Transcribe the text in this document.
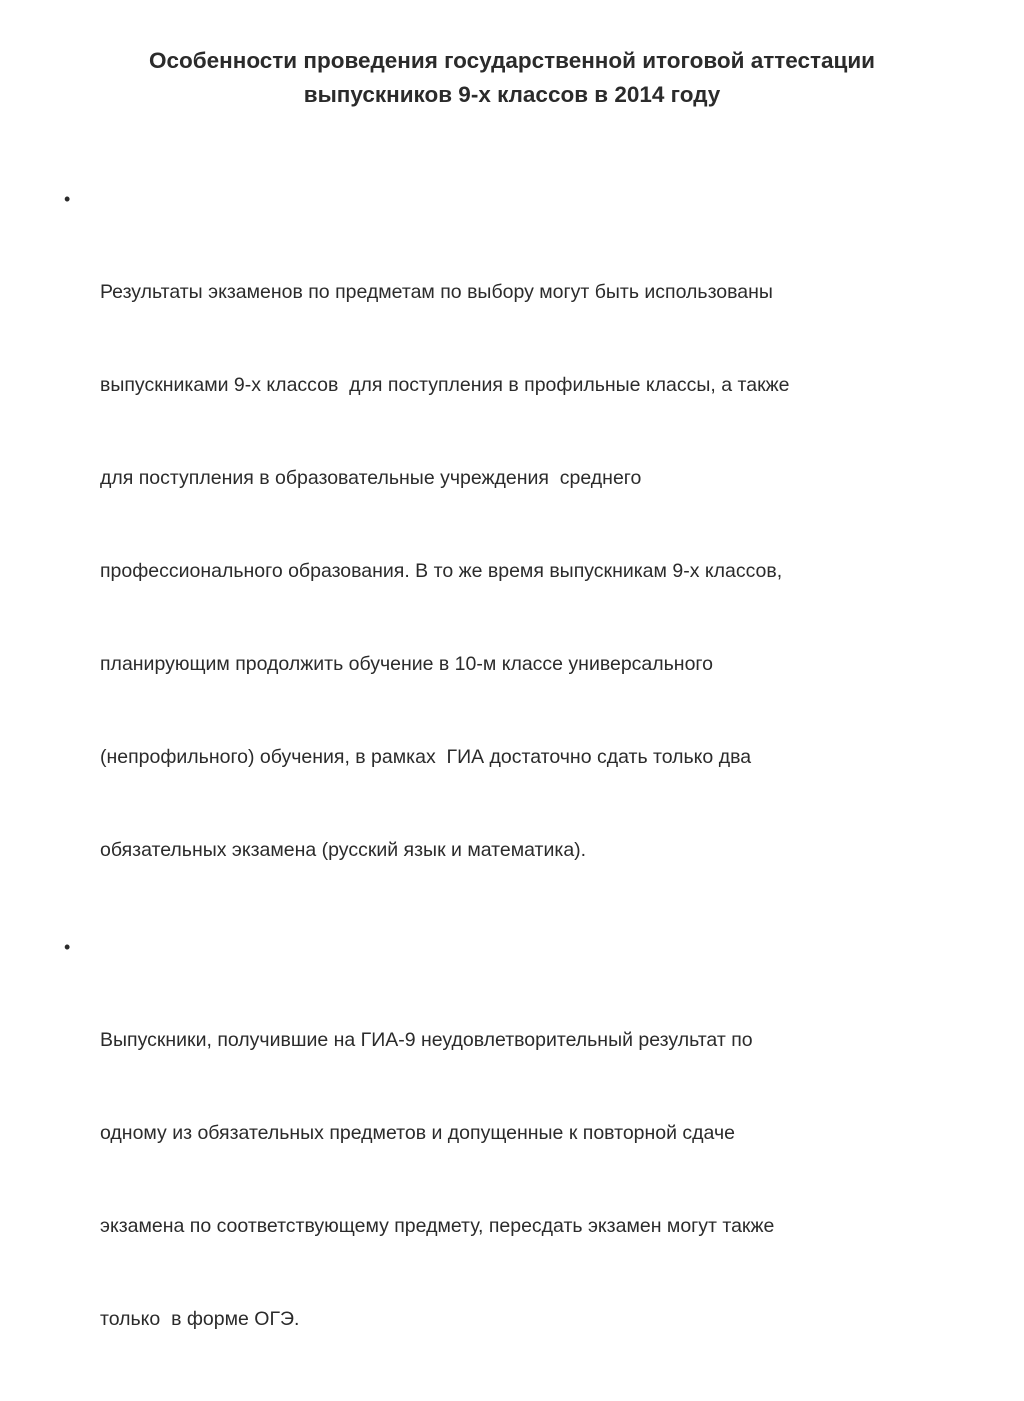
Особенности проведения государственной итоговой аттестации
выпускников 9-х классов в 2014 году

•

Результаты экзаменов по предметам по выбору могут быть использованы

выпускниками 9-х классов  для поступления в профильные классы, а также

для поступления в образовательные учреждения  среднего

профессионального образования. В то же время выпускникам 9-х классов,

планирующим продолжить обучение в 10-м классе универсального

(непрофильного) обучения, в рамках  ГИА достаточно сдать только два

обязательных экзамена (русский язык и математика).

•

Выпускники, получившие на ГИА-9 неудовлетворительный результат по

одному из обязательных предметов и допущенные к повторной сдаче

экзамена по соответствующему предмету, пересдать экзамен могут также

только  в форме ОГЭ.
